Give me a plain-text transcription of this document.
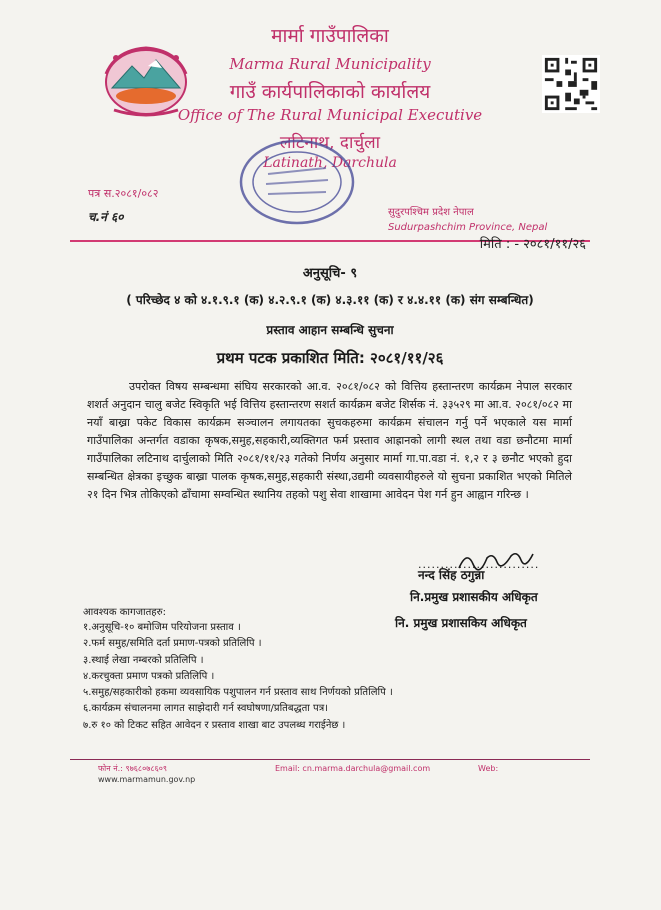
मार्मा गाउँपालिका
Marma Rural Municipality
गाउँ कार्यपालिकाको कार्यालय
Office of The Rural Municipal Executive
लटिनाथ, दार्चुला
Latinath, Darchula
पत्र स.२०८१/०८२
च.नं ६०	सुदुरपश्चिम प्रदेश नेपाल
Sudurpashchim Province, Nepal
मिति : - २०८१/११/२६
अनुसूचि- ९
( परिच्छेद ४ को ४.१.९.१ (क) ४.२.९.१ (क) ४.३.११ (क) र ४.४.११ (क) संग सम्बन्धित)
प्रस्ताव आहान सम्बन्धि सुचना
प्रथम पटक प्रकाशित मिति: २०८१/११/२६

उपरोक्त विषय सम्बन्धमा संघिय सरकारको आ.व. २०८१/०८२ को वित्तिय हस्तान्तरण कार्यक्रम नेपाल सरकार शशर्त अनुदान चालु बजेट स्विकृति भई वित्तिय हस्तान्तरण सशर्त कार्यक्रम बजेट शिर्सक नं. ३३५२९ मा आ.व. २०८१/०८२ मा नयाँ बाख्रा पकेट विकास कार्यक्रम सञ्चालन लगायतका सुचकहरुमा कार्यक्रम संचालन गर्नु पर्ने भएकाले यस मार्मा गाउँपालिका अन्तर्गत वडाका कृषक,समुह,सहकारी,व्यक्तिगत फर्म प्रस्ताव आह्रानको लागी स्थल तथा वडा छनौटमा मार्मा गाउँपालिका लटिनाथ दार्चुलाको मिति २०८१/११/२३ गतेको निर्णय अनुसार मार्मा गा.पा.वडा नं. १,२ र ३ छनौट भएको हुदा सम्बन्धित क्षेत्रका इच्छुक बाख्रा पालक कृषक,समुह,सहकारी संस्था,उद्यमी व्यवसायीहरुले यो सुचना प्रकाशित भएको मितिले २१ दिन भित्र तोकिएको ढाँचामा सम्वन्धित स्थानिय तहको पशु सेवा शाखामा आवेदन पेश गर्न हुन आह्वान गरिन्छ ।

...........................
नन्द सिंह ठगुन्ना
नि.प्रमुख प्रशासकीय अधिकृत
नि. प्रमुख प्रशासकिय अधिकृत
आवश्यक कागजातहरु:
१.अनुसूचि-१० बमोजिम परियोजना प्रस्ताव ।
२.फर्म समुह/समिति दर्ता प्रमाण-पत्रको प्रतिलिपि ।
३.स्थाई लेखा नम्बरको प्रतिलिपि ।
४.करचुक्ता प्रमाण पत्रको प्रतिलिपि ।
५.समुह/सहकारीको हकमा व्यवसायिक पशुपालन गर्न प्रस्ताव साथ निर्णयको प्रतिलिपि ।
६.कार्यक्रम संचालनमा लागत साझेदारी गर्न स्वघोषणा/प्रतिबद्धता पत्र।
७.रु १० को टिकट सहित आवेदन र प्रस्ताव शाखा बाट उपलब्ध गराईनेछ ।
फोन नं.: ९७६८०७८६०९	Email: cn.marma.darchula@gmail.com	Web:
www.marmamun.gov.np
